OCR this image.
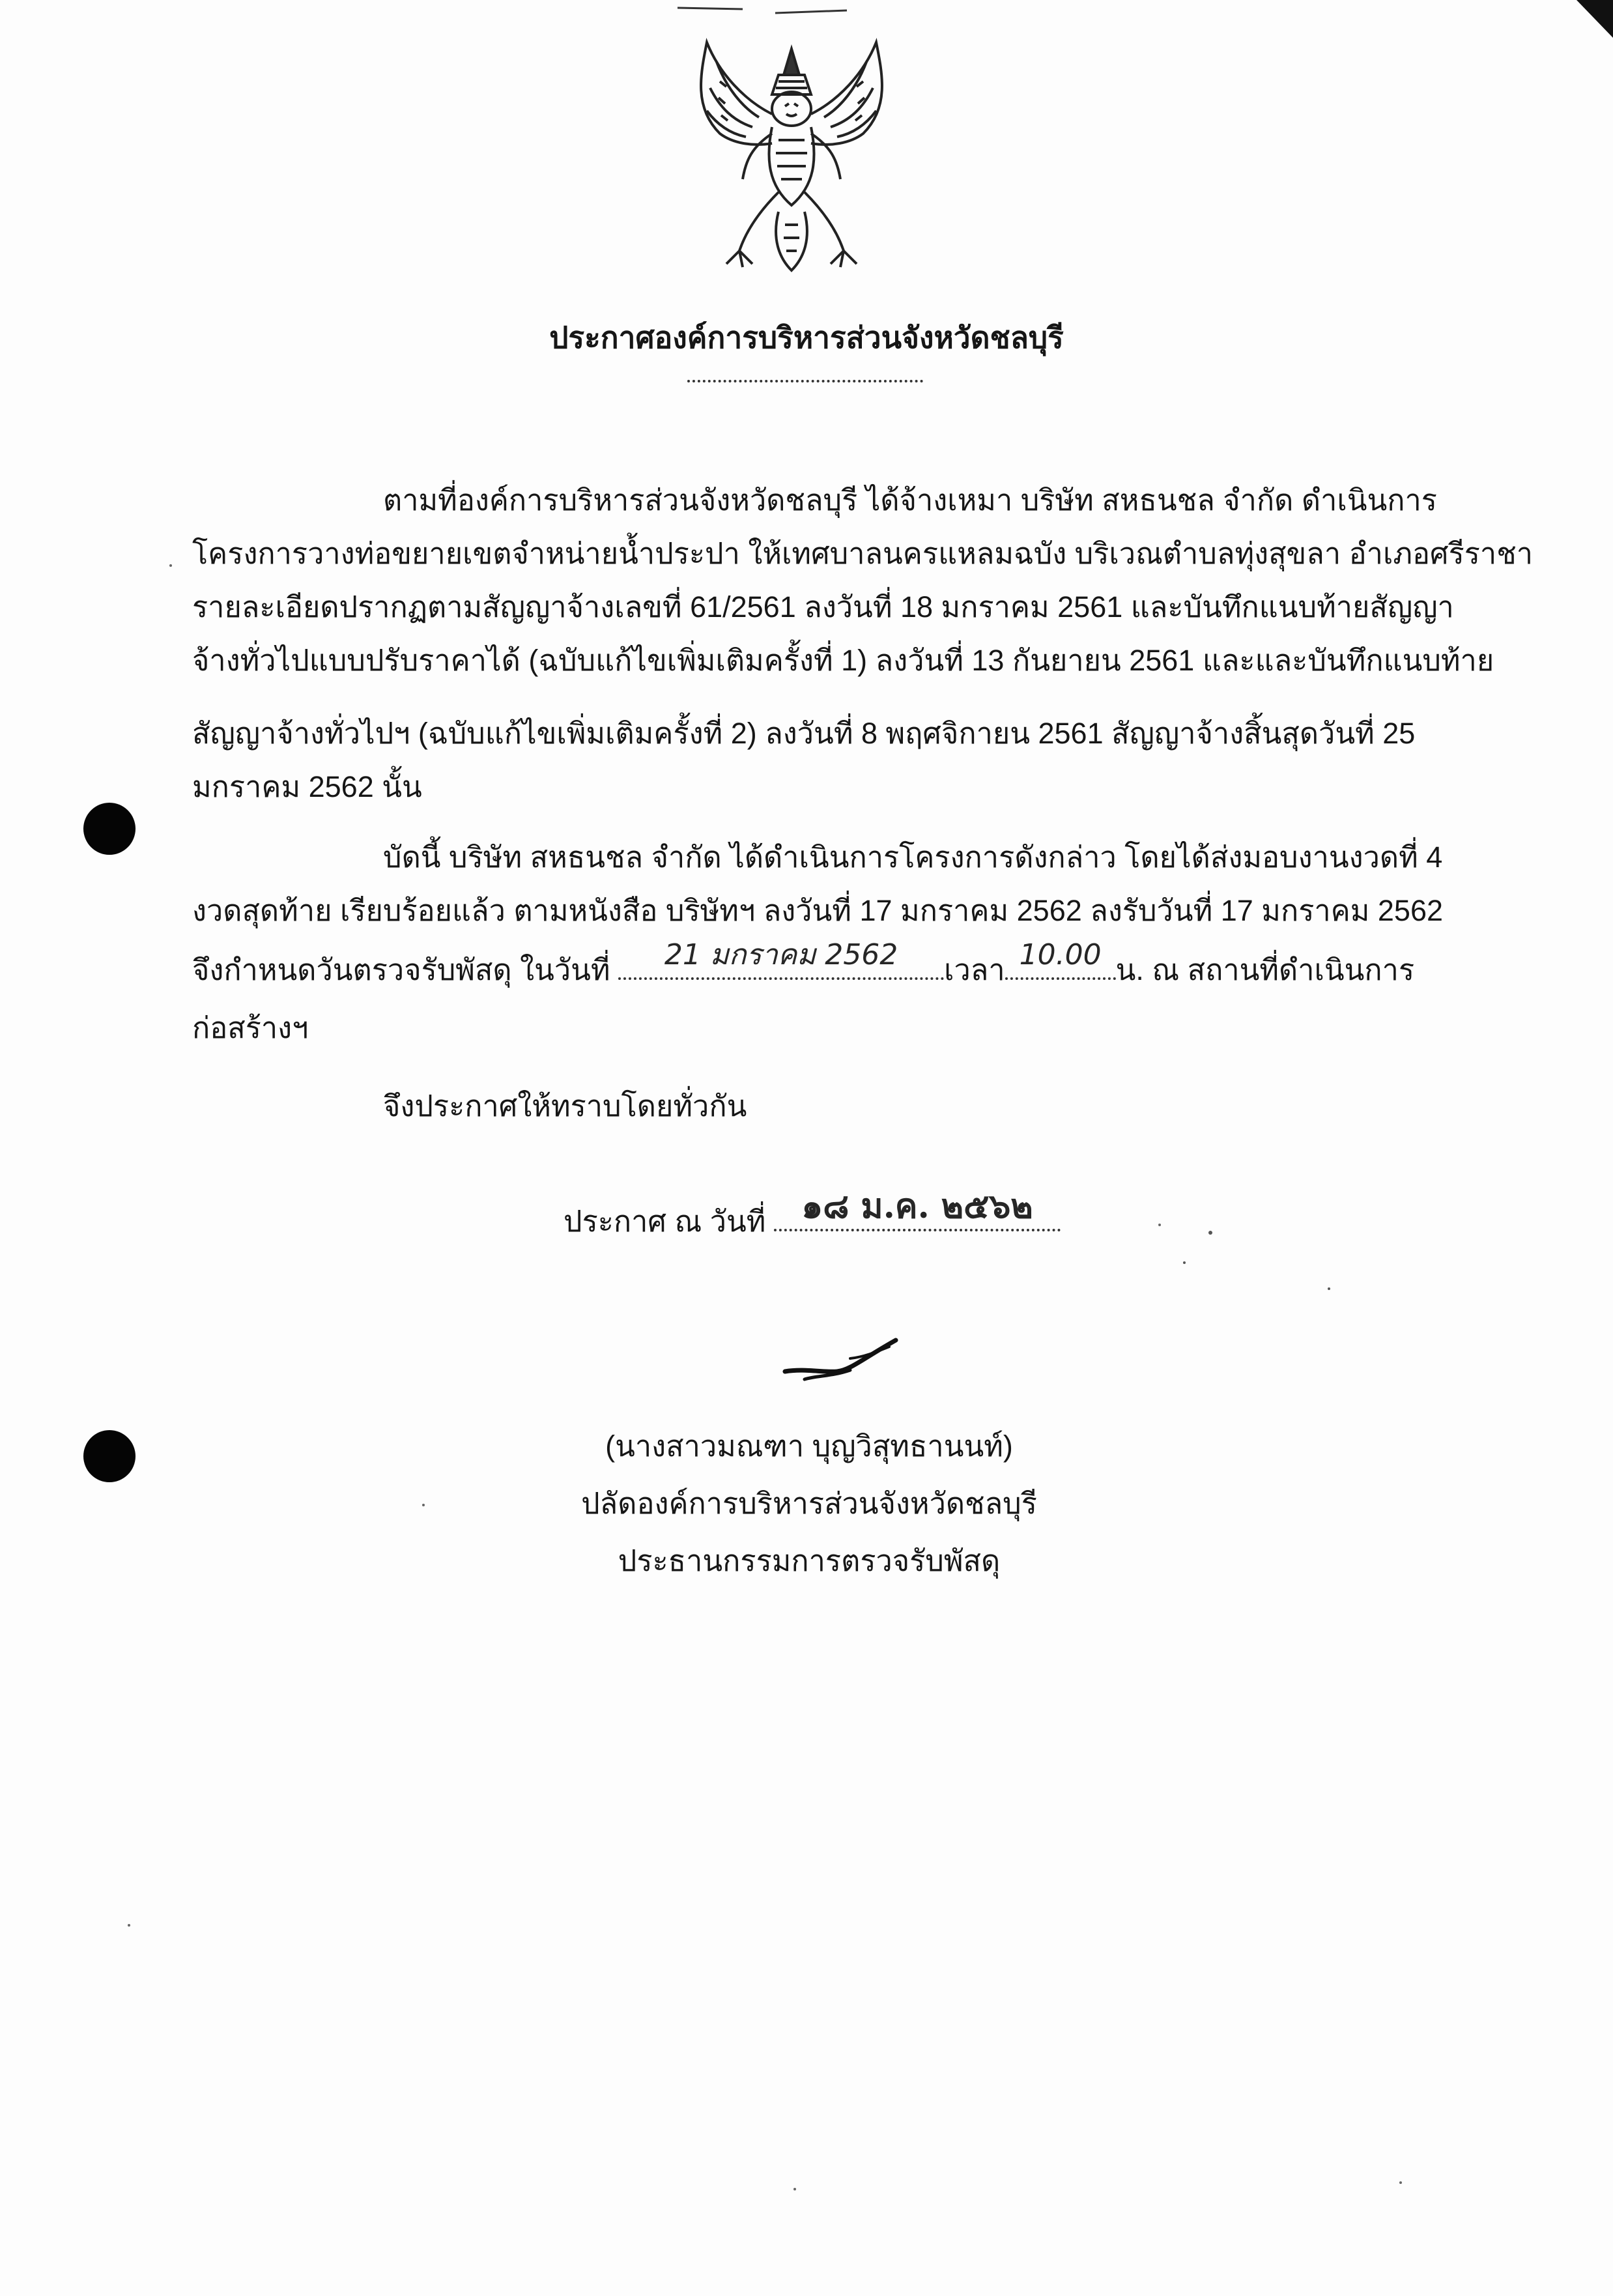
ประกาศองค์การบริหารส่วนจังหวัดชลบุรี
ตามที่องค์การบริหารส่วนจังหวัดชลบุรี ได้จ้างเหมา บริษัท สหธนชล จำกัด ดำเนินการ
โครงการวางท่อขยายเขตจำหน่ายน้ำประปา ให้เทศบาลนครแหลมฉบัง บริเวณตำบลทุ่งสุขลา อำเภอศรีราชา
รายละเอียดปรากฏตามสัญญาจ้างเลขที่ 61/2561 ลงวันที่ 18 มกราคม 2561 และบันทึกแนบท้ายสัญญา
จ้างทั่วไปแบบปรับราคาได้ (ฉบับแก้ไขเพิ่มเติมครั้งที่ 1) ลงวันที่ 13 กันยายน 2561 และและบันทึกแนบท้าย
สัญญาจ้างทั่วไปฯ (ฉบับแก้ไขเพิ่มเติมครั้งที่ 2) ลงวันที่ 8 พฤศจิกายน 2561 สัญญาจ้างสิ้นสุดวันที่ 25
มกราคม 2562 นั้น
บัดนี้ บริษัท สหธนชล จำกัด ได้ดำเนินการโครงการดังกล่าว โดยได้ส่งมอบงานงวดที่ 4
งวดสุดท้าย เรียบร้อยแล้ว ตามหนังสือ บริษัทฯ ลงวันที่ 17 มกราคม 2562 ลงรับวันที่ 17 มกราคม 2562
จึงกำหนดวันตรวจรับพัสดุ ในวันที่	21 มกราคม 2562	เวลา 10.00 น. ณ สถานที่ดำเนินการ
ก่อสร้างฯ
จึงประกาศให้ทราบโดยทั่วกัน
ประกาศ ณ วันที่	๑๘ ม.ค. ๒๕๖๒
(นางสาวมณฑา บุญวิสุทธานนท์)
ปลัดองค์การบริหารส่วนจังหวัดชลบุรี
ประธานกรรมการตรวจรับพัสดุ
